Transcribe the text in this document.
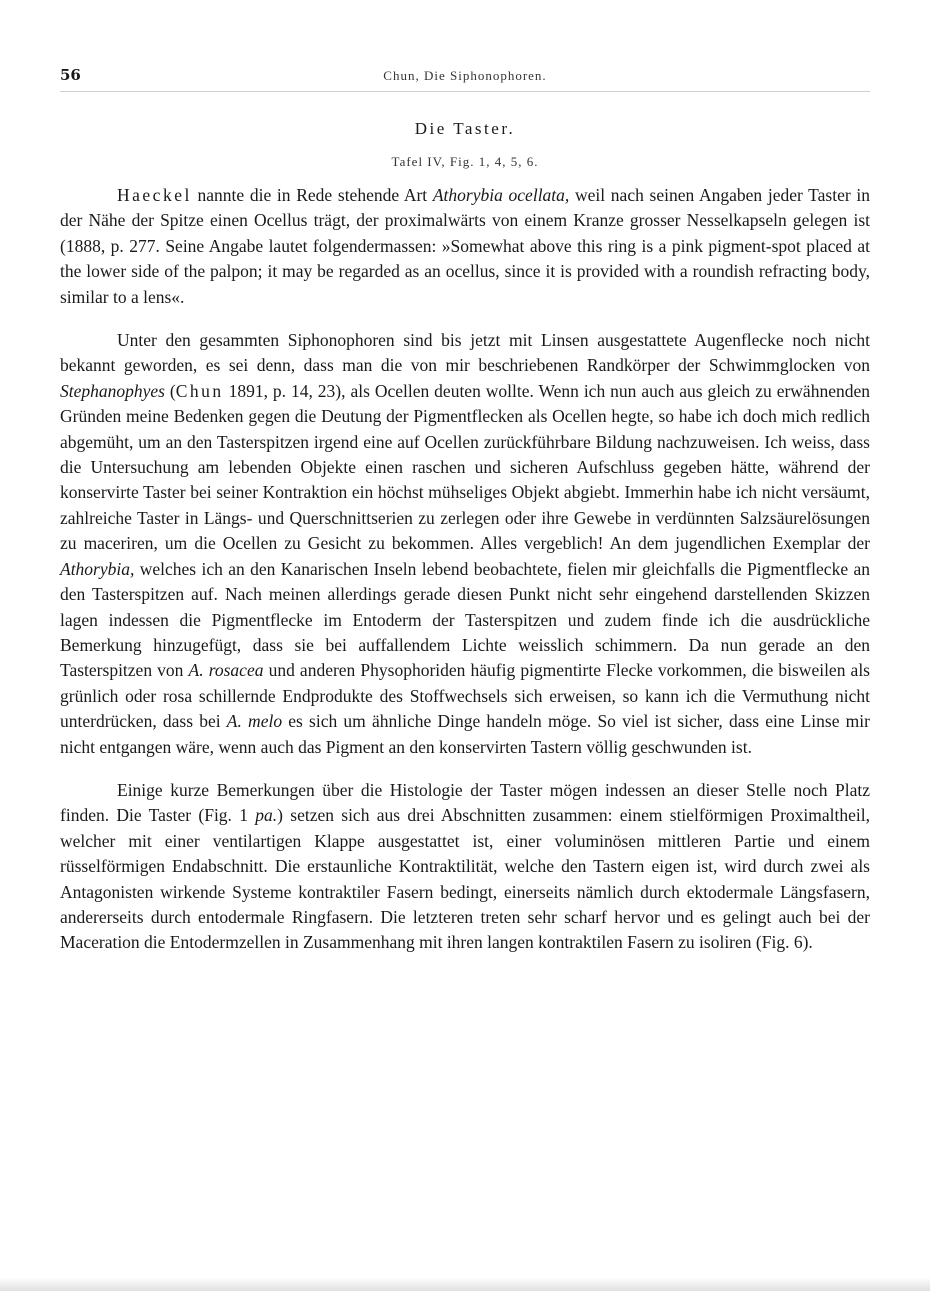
56	Chun, Die Siphonophoren.
Die Taster.
Tafel IV, Fig. 1, 4, 5, 6.

Haeckel nannte die in Rede stehende Art Athorybia ocellata, weil nach seinen Angaben jeder Taster in der Nähe der Spitze einen Ocellus trägt, der proximalwärts von einem Kranze grosser Nesselkapseln gelegen ist (1888, p. 277. Seine Angabe lautet folgendermassen: »Somewhat above this ring is a pink pigment-spot placed at the lower side of the palpon; it may be regarded as an ocellus, since it is provided with a roundish refracting body, similar to a lens«.

Unter den gesammten Siphonophoren sind bis jetzt mit Linsen ausgestattete Augenflecke noch nicht bekannt geworden, es sei denn, dass man die von mir beschriebenen Randkörper der Schwimmglocken von Stephanophyes (Chun 1891, p. 14, 23), als Ocellen deuten wollte. Wenn ich nun auch aus gleich zu erwähnenden Gründen meine Bedenken gegen die Deutung der Pigmentflecken als Ocellen hegte, so habe ich doch mich redlich abgemüht, um an den Tasterspitzen irgend eine auf Ocellen zurückführbare Bildung nachzuweisen. Ich weiss, dass die Untersuchung am lebenden Objekte einen raschen und sicheren Aufschluss gegeben hätte, während der konservirte Taster bei seiner Kontraktion ein höchst mühseliges Objekt abgiebt. Immerhin habe ich nicht versäumt, zahlreiche Taster in Längs- und Querschnittserien zu zerlegen oder ihre Gewebe in verdünnten Salzsäurelösungen zu maceriren, um die Ocellen zu Gesicht zu bekommen. Alles vergeblich! An dem jugendlichen Exemplar der Athorybia, welches ich an den Kanarischen Inseln lebend beobachtete, fielen mir gleichfalls die Pigmentflecke an den Tasterspitzen auf. Nach meinen allerdings gerade diesen Punkt nicht sehr eingehend darstellenden Skizzen lagen indessen die Pigmentflecke im Entoderm der Tasterspitzen und zudem finde ich die ausdrückliche Bemerkung hinzugefügt, dass sie bei auffallendem Lichte weisslich schimmern. Da nun gerade an den Tasterspitzen von A. rosacea und anderen Physophoriden häufig pigmentirte Flecke vorkommen, die bisweilen als grünlich oder rosa schillernde Endprodukte des Stoffwechsels sich erweisen, so kann ich die Vermuthung nicht unterdrücken, dass bei A. melo es sich um ähnliche Dinge handeln möge. So viel ist sicher, dass eine Linse mir nicht entgangen wäre, wenn auch das Pigment an den konservirten Tastern völlig geschwunden ist.

Einige kurze Bemerkungen über die Histologie der Taster mögen indessen an dieser Stelle noch Platz finden. Die Taster (Fig. 1 pa.) setzen sich aus drei Abschnitten zusammen: einem stielförmigen Proximaltheil, welcher mit einer ventilartigen Klappe ausgestattet ist, einer voluminösen mittleren Partie und einem rüsselförmigen Endabschnitt. Die erstaunliche Kontraktilität, welche den Tastern eigen ist, wird durch zwei als Antagonisten wirkende Systeme kontraktiler Fasern bedingt, einerseits nämlich durch ektodermale Längsfasern, andererseits durch entodermale Ringfasern. Die letzteren treten sehr scharf hervor und es gelingt auch bei der Maceration die Entodermzellen in Zusammenhang mit ihren langen kontraktilen Fasern zu isoliren (Fig. 6).
